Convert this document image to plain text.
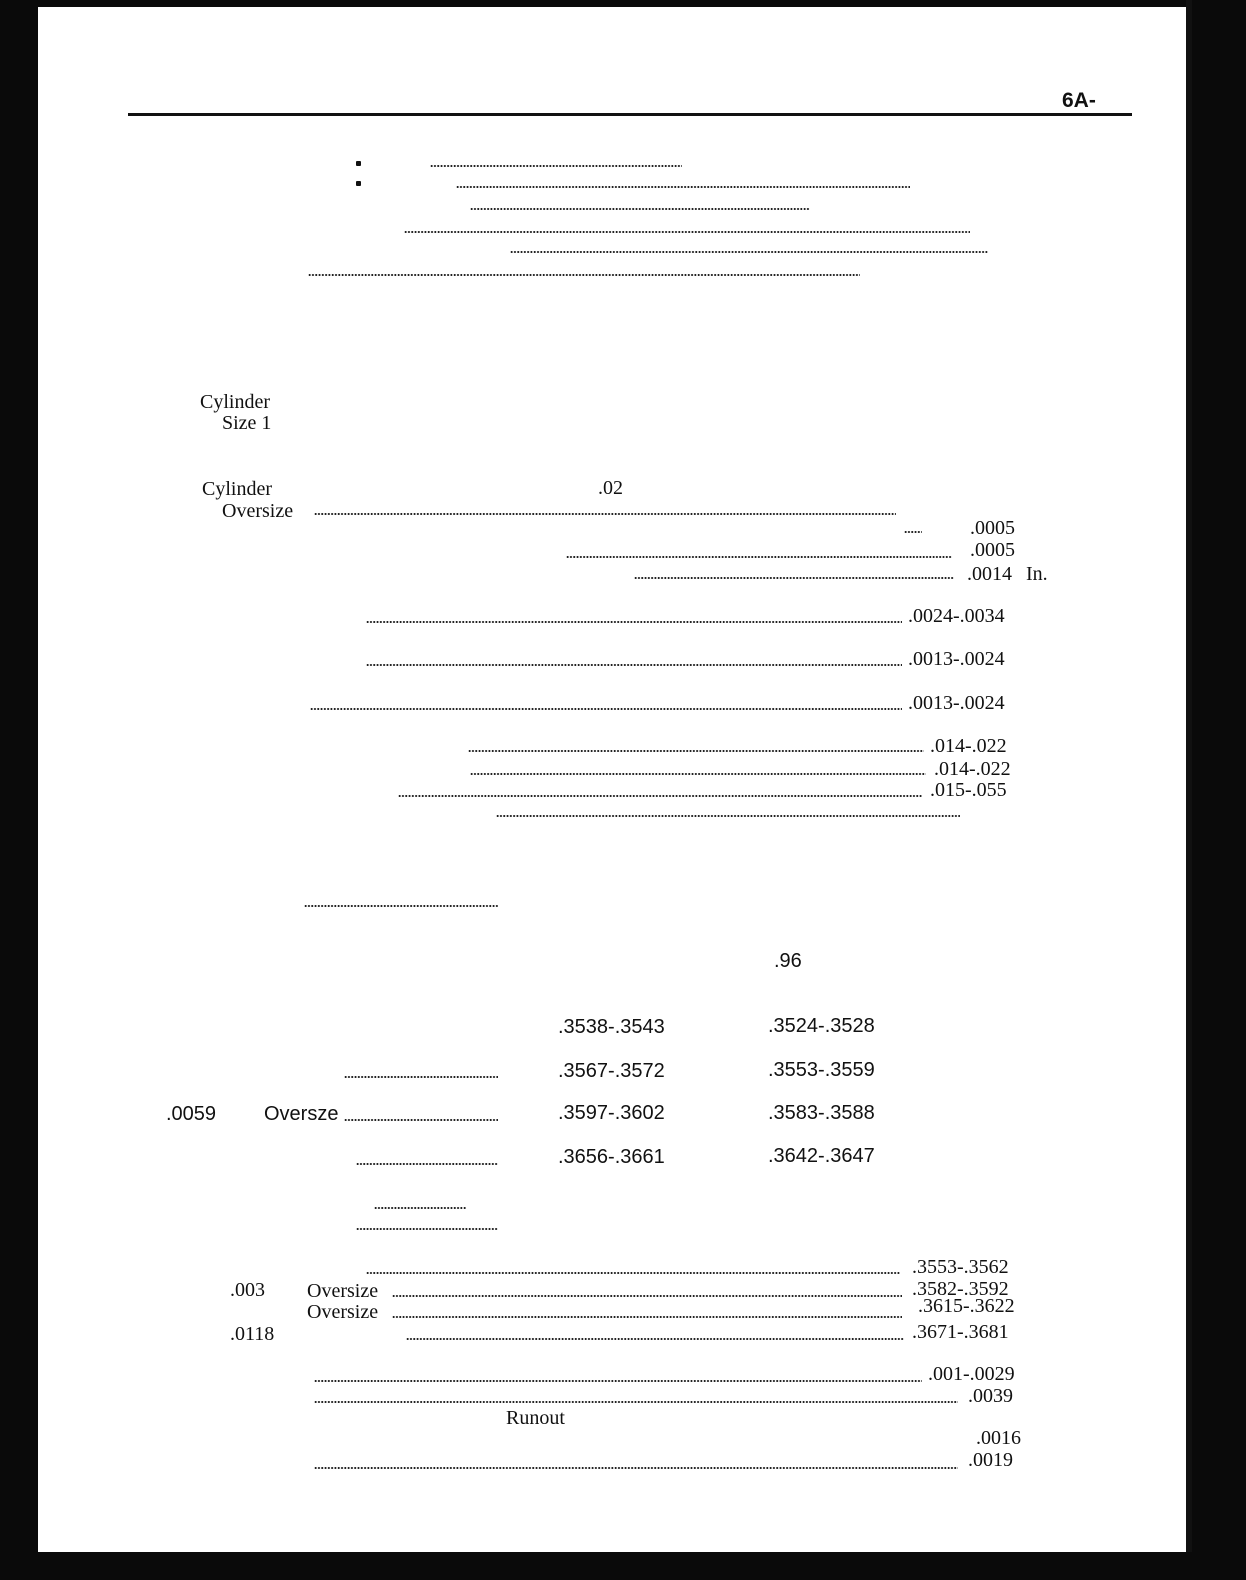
6A-
Cylinder
Size 1
Cylinder
Oversize
.02
.0005
.0005
.0014 In.
.0024-.0034
.0013-.0024
.0013-.0024
.014-.022
.014-.022
.015-.055
.96
.3538-.3543	.3524-.3528
.3567-.3572	.3553-.3559
.0059 Oversze	.3597-.3602	.3583-.3588
.3656-.3661	.3642-.3647
.3553-.3562
.003 Oversize	.3582-.3592
Oversize	.3615-.3622
.0118	.3671-.3681
.001-.0029
.0039
Runout
.0016
.0019
